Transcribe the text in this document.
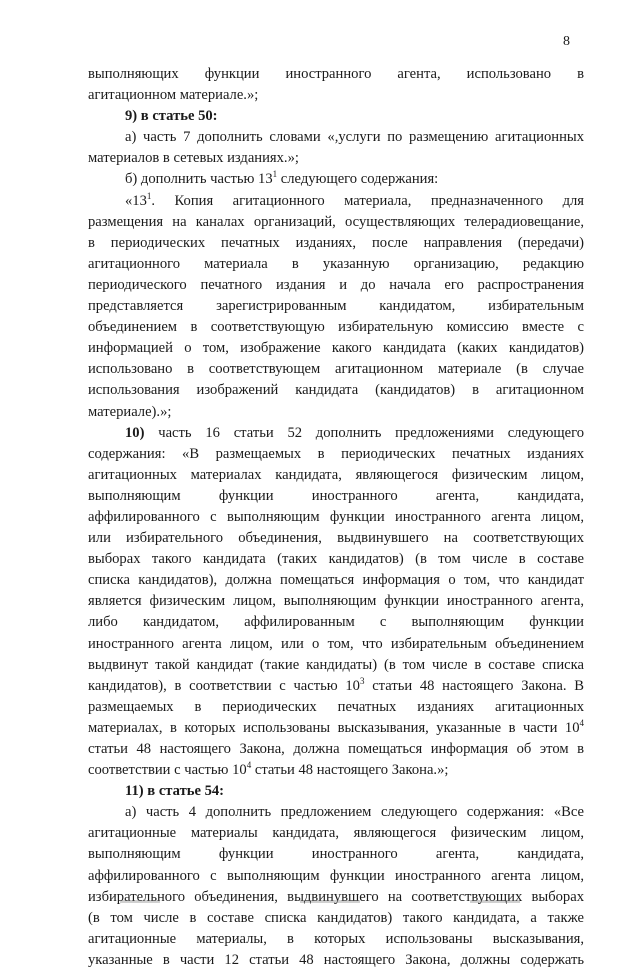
8
выполняющих функции иностранного агента, использовано в
агитационном материале.»;
9) в статье 50:
а) часть 7 дополнить словами «,услуги по размещению агитационных
материалов в сетевых изданиях.»;
б) дополнить частью $13^1$ следующего содержания:
«$13^1$. Копия агитационного материала, предназначенного для
размещения на каналах организаций, осуществляющих телерадиовещание,
в периодических печатных изданиях, после направления (передачи)
агитационного материала в указанную организацию, редакцию
периодического печатного издания и до начала его распространения
представляется зарегистрированным кандидатом, избирательным
объединением в соответствующую избирательную комиссию вместе с
информацией о том, изображение какого кандидата (каких кандидатов)
использовано в соответствующем агитационном материале (в случае
использования изображений кандидата (кандидатов) в агитационном
материале).»;
10) часть 16 статьи 52 дополнить предложениями следующего
содержания: «В размещаемых в периодических печатных изданиях
агитационных материалах кандидата, являющегося физическим лицом,
выполняющим функции иностранного агента, кандидата,
аффилированного с выполняющим функции иностранного агента лицом,
или избирательного объединения, выдвинувшего на соответствующих
выборах такого кандидата (таких кандидатов) (в том числе в составе
списка кандидатов), должна помещаться информация о том, что кандидат
является физическим лицом, выполняющим функции иностранного агента,
либо кандидатом, аффилированным с выполняющим функции
иностранного агента лицом, или о том, что избирательным объединением
выдвинут такой кандидат (такие кандидаты) (в том числе в составе списка
кандидатов), в соответствии с частью $10^3$ статьи 48 настоящего Закона. В
размещаемых в периодических печатных изданиях агитационных
материалах, в которых использованы высказывания, указанные в части $10^4$
статьи 48 настоящего Закона, должна помещаться информация об этом в
соответствии с частью $10^4$ статьи 48 настоящего Закона.»;
11) в статье 54:
а) часть 4 дополнить предложением следующего содержания: «Все
агитационные материалы кандидата, являющегося физическим лицом,
выполняющим функции иностранного агента, кандидата,
аффилированного с выполняющим функции иностранного агента лицом,
избирательного объединения, выдвинувшего на соответствующих выборах
(в том числе в составе списка кандидатов) такого кандидата, а также
агитационные материалы, в которых использованы высказывания,
указанные в части 12 статьи 48 настоящего Закона, должны содержать
